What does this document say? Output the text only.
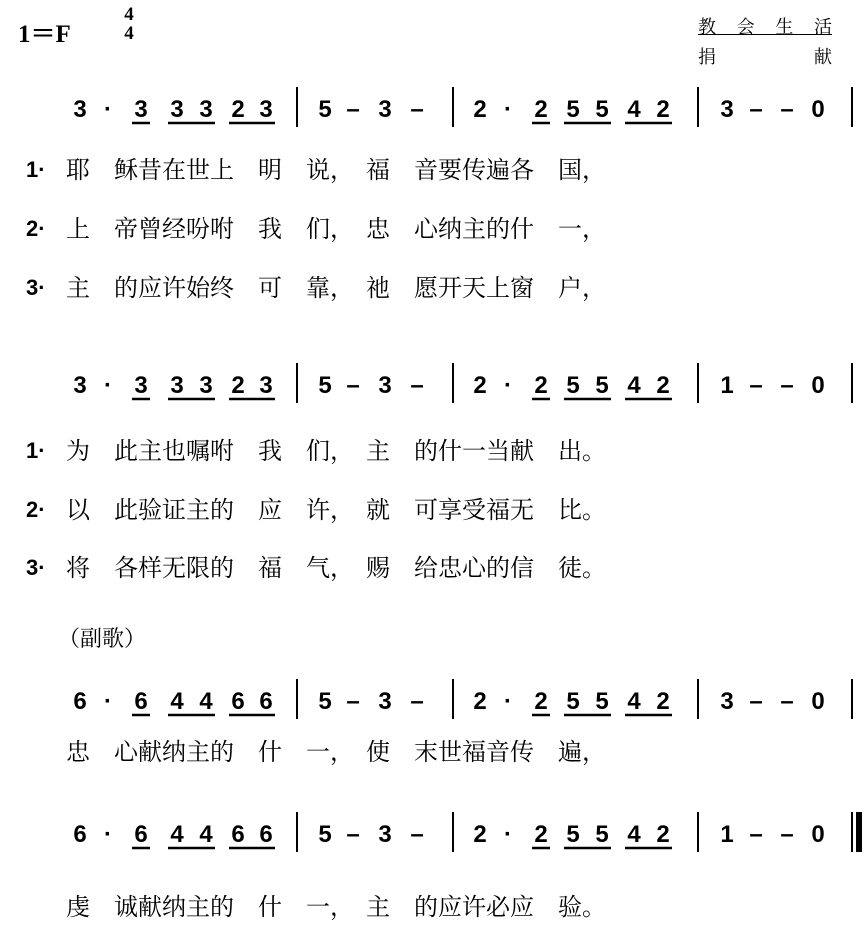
1＝F
4
4	教会生活
捐献
3 · 3 3 3 2 3 5 – 3 – 2 · 2 5 5 4 2 3 – – 0
3 · 3 3 3 2 3 5 – 3 – 2 · 2 5 5 4 2 1 – – 0
6 · 6 4 4 6 6 5 – 3 – 2 · 2 5 5 4 2 3 – – 0
6 · 6 4 4 6 6 5 – 3 – 2 · 2 5 5 4 2 1 – – 0
1· 耶　稣昔在世上　明　说，　福　音要传遍各　国，
2· 上　帝曾经吩咐　我　们，　忠　心纳主的什　一，
3· 主　的应许始终　可　靠，　祂　愿开天上窗　户，
1· 为　此主也嘱咐　我　们，　主　的什一当献　出。
2· 以　此验证主的　应　许，　就　可享受福无　比。
3· 将　各样无限的　福　气，　赐　给忠心的信　徒。
（副歌）
忠　心献纳主的　什　一，　使　末世福音传　遍，
虔　诚献纳主的　什　一，　主　的应许必应　验。
